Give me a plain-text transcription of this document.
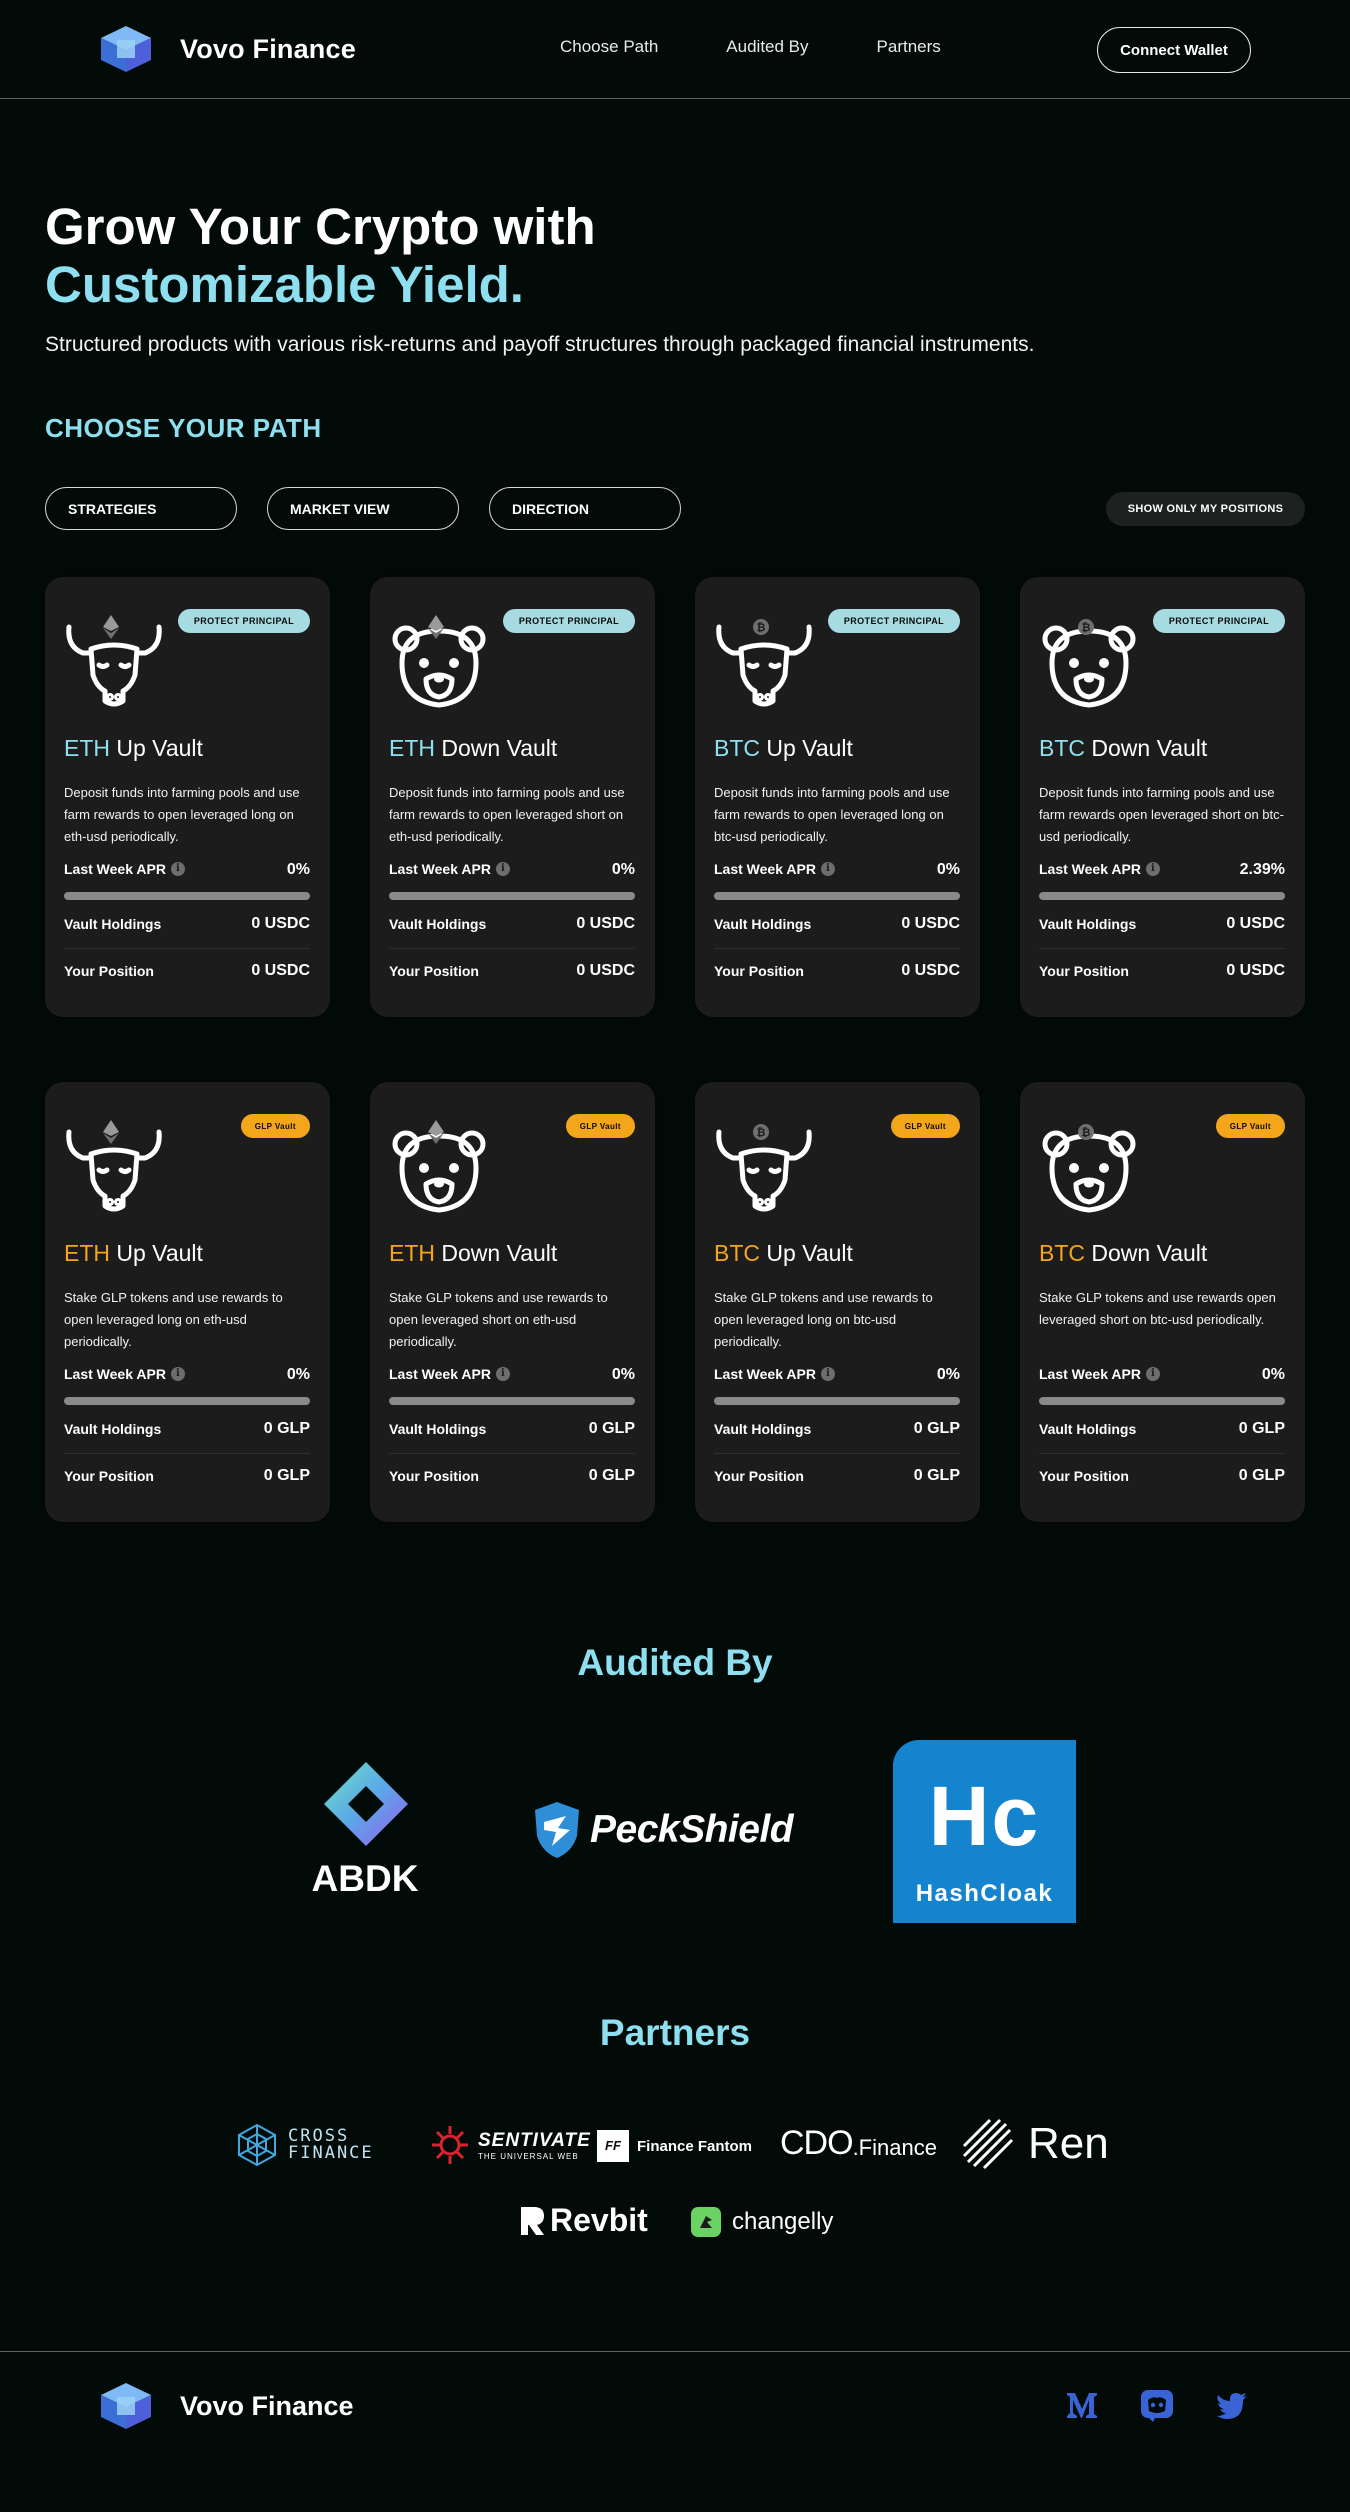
Vovo Finance	Choose Path	Audited By	Partners	Connect Wallet
Grow Your Crypto with
Customizable Yield.
Structured products with various risk-returns and payoff structures through packaged financial instruments.
CHOOSE YOUR PATH
STRATEGIES	MARKET VIEW	DIRECTION	SHOW ONLY MY POSITIONS
PROTECT PRINCIPAL
ETH Up Vault
Deposit funds into farming pools and use farm rewards to open leveraged long on eth-usd periodically.
Last Week APR	i	0%
Vault Holdings	0 USDC
Your Position	0 USDC
PROTECT PRINCIPAL
ETH Down Vault
Deposit funds into farming pools and use farm rewards to open leveraged short on eth-usd periodically.
Last Week APR	i	0%
Vault Holdings	0 USDC
Your Position	0 USDC
₿	PROTECT PRINCIPAL
BTC Up Vault
Deposit funds into farming pools and use farm rewards to open leveraged long on btc-usd periodically.
Last Week APR	i	0%
Vault Holdings	0 USDC
Your Position	0 USDC
₿	PROTECT PRINCIPAL
BTC Down Vault
Deposit funds into farming pools and use farm rewards open leveraged short on btc-usd periodically.
Last Week APR	i	2.39%
Vault Holdings	0 USDC
Your Position	0 USDC
GLP Vault
ETH Up Vault
Stake GLP tokens and use rewards to open leveraged long on eth-usd periodically.
Last Week APR	i	0%
Vault Holdings	0 GLP
Your Position	0 GLP
GLP Vault
ETH Down Vault
Stake GLP tokens and use rewards to open leveraged short on eth-usd periodically.
Last Week APR	i	0%
Vault Holdings	0 GLP
Your Position	0 GLP
₿	GLP Vault
BTC Up Vault
Stake GLP tokens and use rewards to open leveraged long on btc-usd periodically.
Last Week APR	i	0%
Vault Holdings	0 GLP
Your Position	0 GLP
₿	GLP Vault
BTC Down Vault
Stake GLP tokens and use rewards open leveraged short on btc-usd periodically.
Last Week APR	i	0%
Vault Holdings	0 GLP
Your Position	0 GLP
Audited By
ABDK
PeckShield	Hc
HashCloak
Partners
CROSS
FINANCE
SENTIVATE
THE UNIVERSAL WEB
FF	Finance Fantom CDO .Finance Ren
Revbit	changelly
Vovo Finance
